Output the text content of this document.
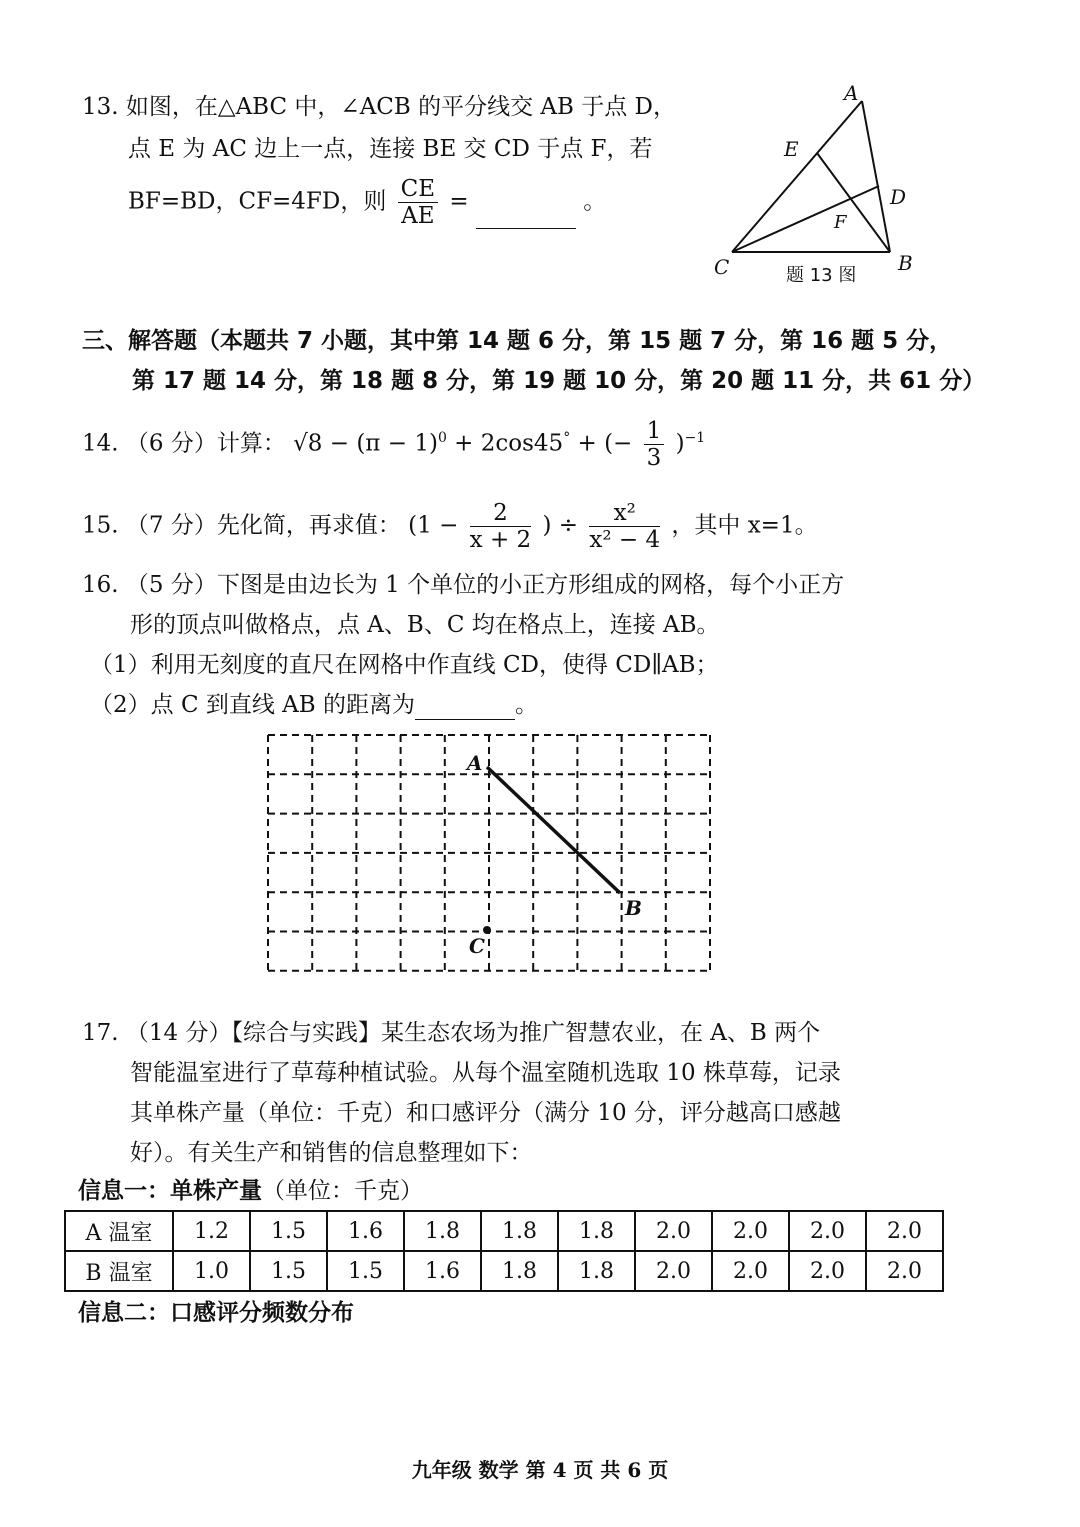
13. 如图，在△ABC 中，∠ACB 的平分线交 AB 于点 D，
点 E 为 AC 边上一点，连接 BE 交 CD 于点 F，若
BF=BD，CF=4FD，则 $\frac{CE}{AE}$ =	。
A
E
D
F
C	B
题 13 图
三、解答题（本题共 7 小题，其中第 14 题 6 分，第 15 题 7 分，第 16 题 5 分，
第 17 题 14 分，第 18 题 8 分，第 19 题 10 分，第 20 题 11 分，共 61 分）
14. （6 分）计算： $√8 - (\pi - 1)^0 + 2\cos 45^\circ$ + (− $\frac{1}{3} )^{-1}$
15. （7 分）先化简，再求值： ($1 - \frac{2}{x + 2}$ ) ÷ $\frac{\text{x²}}{\text{x² − 4}}$ ，其中 x=1。
16. （5 分）下图是由边长为 1 个单位的小正方形组成的网格，每个小正方
形的顶点叫做格点，点 A、B、C 均在格点上，连接 AB。
（1）利用无刻度的直尺在网格中作直线 CD，使得 CD∥AB；
（2）点 C 到直线 AB 的距离为	。
A
B
C
17. （14 分）【综合与实践】某生态农场为推广智慧农业，在 A、B 两个
智能温室进行了草莓种植试验。从每个温室随机选取 10 株草莓，记录
其单株产量（单位：千克）和口感评分（满分 10 分，评分越高口感越
好）。有关生产和销售的信息整理如下：
信息一：单株产量（单位：千克）
A 温室	1.2	1.5	1.6	1.8	1.8	1.8	2.0	2.0	2.0	2.0
B 温室	1.0	1.5	1.5	1.6	1.8	1.8	2.0	2.0	2.0	2.0
信息二：口感评分频数分布
九年级 数学 第 4 页 共 6 页
